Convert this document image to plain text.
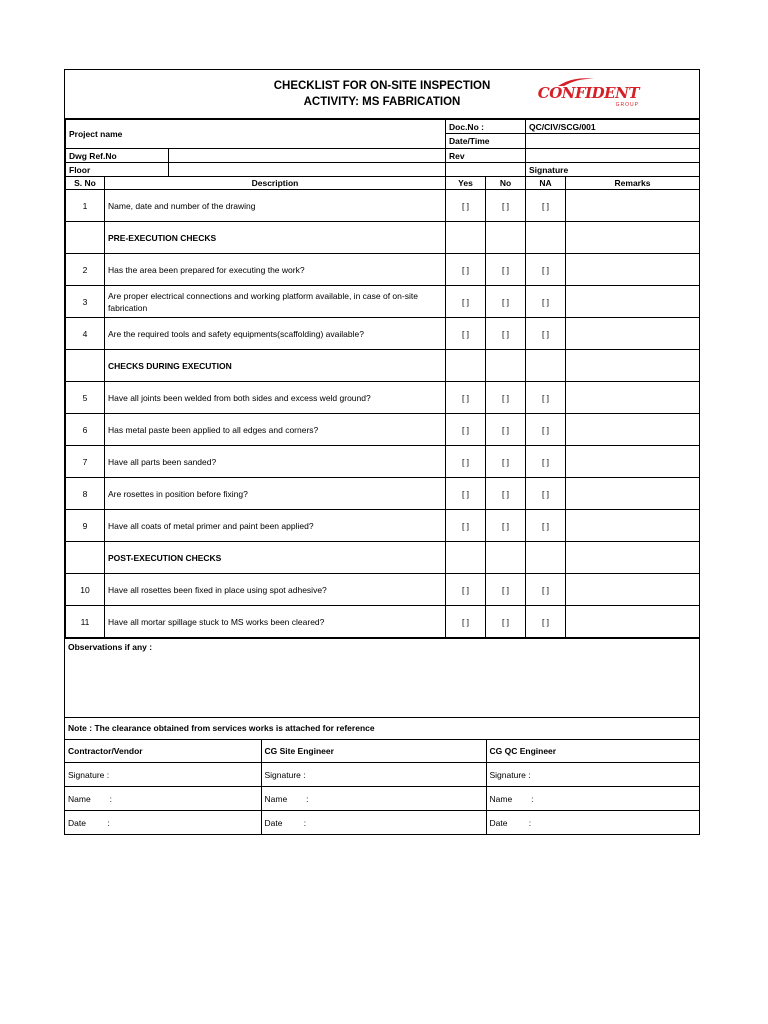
CHECKLIST FOR ON-SITE INSPECTION
ACTIVITY: MS FABRICATION	CONFIDENT
GROUP
Project name	Doc.No :	QC/CIV/SCG/001
	Date/Time	
Dwg Ref.No		Rev	
Floor			Signature
S. No	Description	Yes	No	NA	Remarks
1	Name, date and number of the drawing	[ ]	[ ]	[ ]	
	PRE-EXECUTION CHECKS				
2	Has the area been prepared for executing the work?	[ ]	[ ]	[ ]	
3	Are proper electrical connections and working platform available, in case of on-site fabrication	[ ]	[ ]	[ ]	
4	Are the required tools and safety equipments(scaffolding) available?	[ ]	[ ]	[ ]	
	CHECKS DURING EXECUTION				
5	Have all joints been welded from both sides and excess weld ground?	[ ]	[ ]	[ ]	
6	Has metal paste been applied to all edges and corners?	[ ]	[ ]	[ ]	
7	Have all parts been sanded?	[ ]	[ ]	[ ]	
8	Are rosettes in position before fixing?	[ ]	[ ]	[ ]	
9	Have all coats of metal primer and paint been applied?	[ ]	[ ]	[ ]	
	POST-EXECUTION CHECKS				
10	Have all rosettes been fixed in place using spot adhesive?	[ ]	[ ]	[ ]	
11	Have all mortar spillage stuck to MS works been cleared?	[ ]	[ ]	[ ]	
Observations if any :
Note : The clearance obtained from services works is attached for reference
Contractor/Vendor	CG Site Engineer	CG QC Engineer
Signature :	Signature :	Signature :
Name        :	Name        :	Name        :
Date         :	Date         :	Date         :
